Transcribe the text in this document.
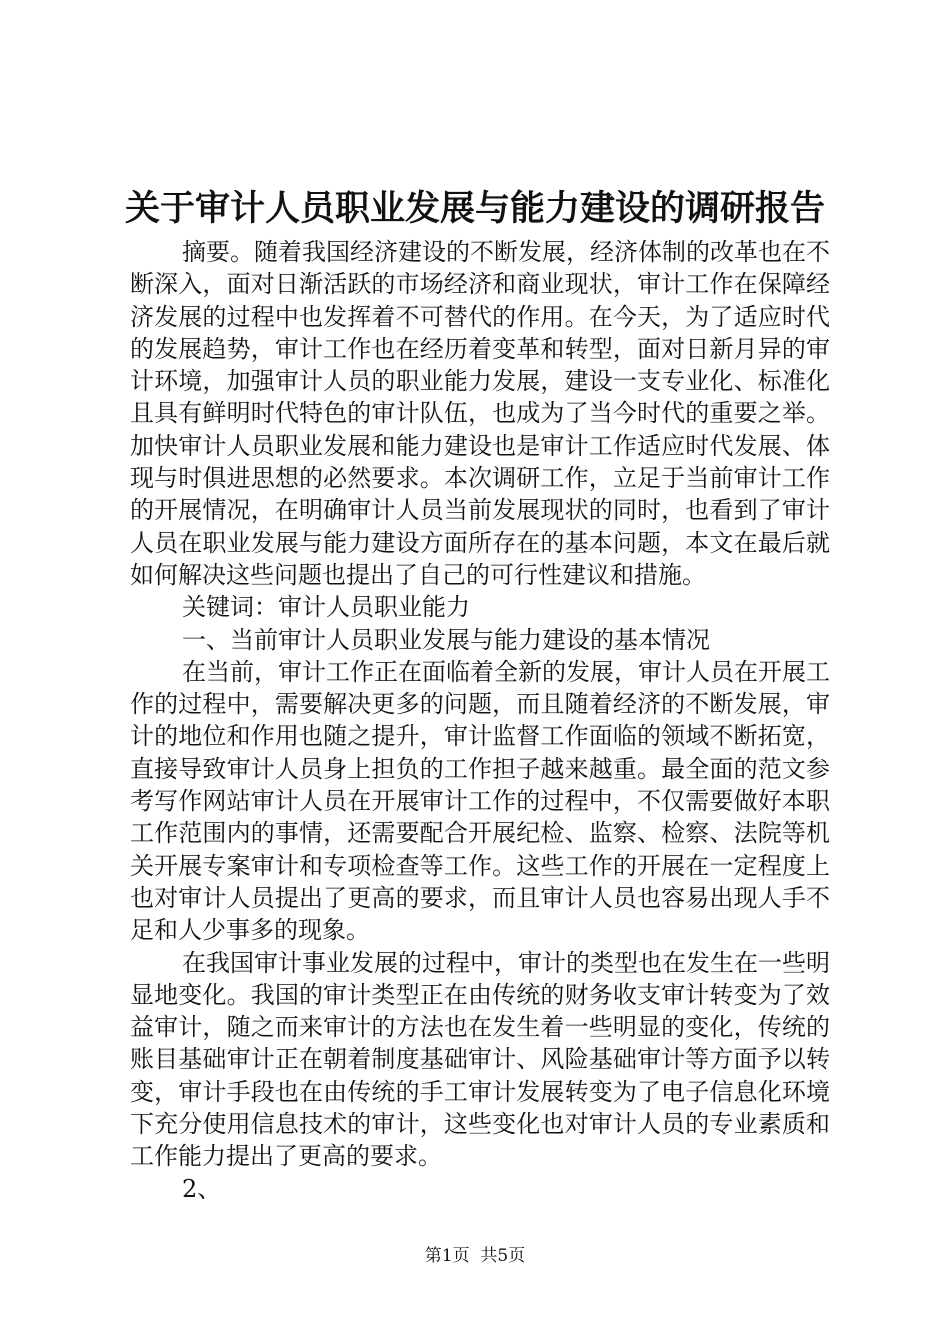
关于审计人员职业发展与能力建设的调研报告

摘要。随着我国经济建设的不断发展，经济体制的改革也在不断深入，面对日渐活跃的市场经济和商业现状，审计工作在保障经济发展的过程中也发挥着不可替代的作用。在今天，为了适应时代的发展趋势，审计工作也在经历着变革和转型，面对日新月异的审计环境，加强审计人员的职业能力发展，建设一支专业化、标准化且具有鲜明时代特色的审计队伍，也成为了当今时代的重要之举。加快审计人员职业发展和能力建设也是审计工作适应时代发展、体现与时俱进思想的必然要求。本次调研工作，立足于当前审计工作的开展情况，在明确审计人员当前发展现状的同时，也看到了审计人员在职业发展与能力建设方面所存在的基本问题，本文在最后就如何解决这些问题也提出了自己的可行性建议和措施。

关键词：审计人员职业能力

一、当前审计人员职业发展与能力建设的基本情况

在当前，审计工作正在面临着全新的发展，审计人员在开展工作的过程中，需要解决更多的问题，而且随着经济的不断发展，审计的地位和作用也随之提升，审计监督工作面临的领域不断拓宽，直接导致审计人员身上担负的工作担子越来越重。最全面的范文参考写作网站审计人员在开展审计工作的过程中，不仅需要做好本职工作范围内的事情，还需要配合开展纪检、监察、检察、法院等机关开展专案审计和专项检查等工作。这些工作的开展在一定程度上也对审计人员提出了更高的要求，而且审计人员也容易出现人手不足和人少事多的现象。

在我国审计事业发展的过程中，审计的类型也在发生在一些明显地变化。我国的审计类型正在由传统的财务收支审计转变为了效益审计，随之而来审计的方法也在发生着一些明显的变化，传统的账目基础审计正在朝着制度基础审计、风险基础审计等方面予以转变，审计手段也在由传统的手工审计发展转变为了电子信息化环境下充分使用信息技术的审计，这些变化也对审计人员的专业素质和工作能力提出了更高的要求。

2、

第1页  共5页
